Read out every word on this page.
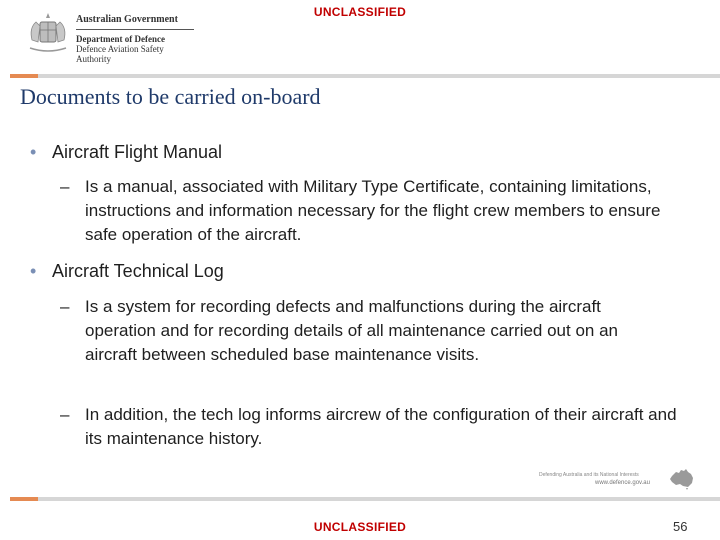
UNCLASSIFIED
Australian Government
Department of Defence
Defence Aviation Safety Authority
Documents to be carried on-board
• Aircraft Flight Manual
– Is a manual, associated with Military Type Certificate, containing limitations, instructions and information necessary for the flight crew members to ensure safe operation of the aircraft.
• Aircraft Technical Log
– Is a system for recording defects and malfunctions during the aircraft operation and for recording details of all maintenance carried out on an aircraft between scheduled base maintenance visits.
– In addition, the tech log informs aircrew of the configuration of their aircraft and its maintenance history.
Defending Australia and its National Interests
www.defence.gov.au
UNCLASSIFIED	56
